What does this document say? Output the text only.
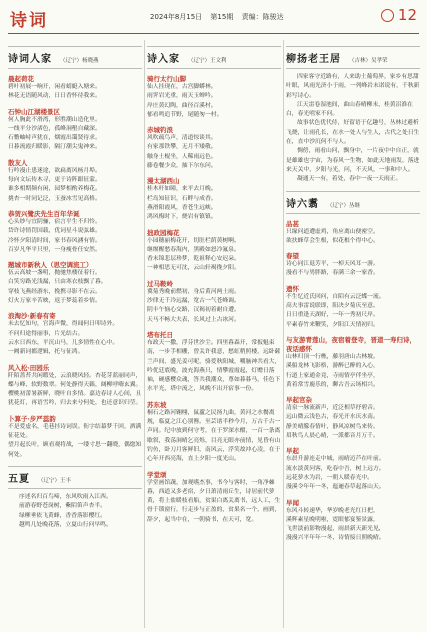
诗词	2024年8月15日 第15期 责编：陈骏达	12
诗词人家 （辽宁）杨晓燕
晨起荷花
碧叶初展一晌开，闲看蜻蜓入塘来。
林花无语随风动，日日香怀待我来。
石钟山江湖楼景区
何人胸此不滑湾，形胜潮山造化里。
一线平分沙渚色，孤峰洞壑自藏深。
石鳖岫峙声犹在，烟霞出霭贤待求。
日暮流霞归暖影，隔汀潮尖鬼神来。
散友人
行吟漫止患迷途，欲扁离风杨月埠。
每向文坛传木寻，更于诗阵跟征蒙。
谁多相期频有闲，园梦相酌养梅花。
挑杏一时同记泛，玉蚕冰雪见高格。
恭贺兴鹭庆先生百年华诞
心头纱与宜阴骊，宿言平生不归怜。
岱许诗情罚国载，优词星斗说弦雄。
冷怀夕阳清时间，家书春风涵有情。
百岁凡华平只里，一身瘦骨任安然。
题城市新秋人（思空调流工）
伍云高坡一盏明，抛驰焦楼征着行。
白笑穷路光浅漏，只由寒衣枝飘了暮。
穿枝飞燕经游东，挽携寻影不在云。
灯火万家辛苦映，返于梦蕊着乡情。
浪淘沙·新春有寄
未去忆知句，官海声微，得闻何日叩诗外。
不问归途得丽事，片光结古。
云水日西东，平沉山马，儿多情性在心中。
一阙新词都逻辑，托与征鸿。
风入松·田园乐
阡陌蔷苔共闲暇处，云浪晓风轻。杏花芽蓝丽同声，蝶与峰、软野数翠。何处静得天籁，阔柳呼嗨玄翼。
樱桃初蕾暑新鲜，晓叶自多情。嘉边春诗人心间，且犹花灯，再语雪吟，归去来兮何处，也还意识归莹。
卜算子·步严蕊韵
不是爱虚名，毛巷挂诗词误。衔字结幕梦千回，洒满征花处。
望月起长叶，顾看观将战，一缕寸思一翻晓，偶惚知何处。
五夏 （辽宁）王丰
序述名归百鸟啼，东风吹雨入江西。
前游春野苍岗树，紫陌笛声杏半。
绿柳垂依飞黄蜂，香香落影樱红。
越鸣几处晚花落，立夏山行问早鸣。
诗入家 （辽宁）王文利
骑行太行山脚
仙人挂现在，古宫脚蟒林。
雨霁岩光重，雨天玉蝉吟。
岸庄黄幻陶，曲径百溪村。
郁看鸣追节野，尾随匆一村。
赤城钓浪
风吹疏鸟声，清道惊谈其。
有家那铁攀，无月不矮敬。
触身土棍坐，人稀雨远色。
藤卷餐少众，抽下尔东问。
漫太湖西山
桂木杆如瞳，来平去月晚。
栏岛知征识，石畔与成香。
燕滑阳霞风，香苍生远峡。
鸿风梅时下，烧岩有镇镇。
拙政园梅花
小园穗丽梅花开，切肚栏荫黄树啊。
继堰醒愁春海内，黑殿如怒冷氟泉。
香末锦悲层珍梦，乾祖释心安迟朵。
一神相思无可沈，云山轩褐挽夕阳。
过马鞍岭
冀菊秀晚前燃初，身后黄河两土雨。
沙律无千冷远漏，宽古一气苍峰调。
阴丰午恼心交路，汉褐初着耐自遭。
天马不畅大夫表，长风过上古冰河。
塔布托日
布政天一撒，浮芬世沙尘。四里暮森开，常扳魁束南，一步手相栅，曾关许我意，愁虹稍照楼，远卧薩兰声间，盛光姜可呢，骆爱秋阳城，嚼脑神共看大，吟优廷底晚，波充海燕只，情攀霞霞起，灯赠日落袖，硬感樱众魂，答共我潮众，尊如暮暮马，佳色下水平光，塔中流之，风晚不出开宿事一份。
苏东坡
桐石之路河翱栩，鼠蘆之民扬九曲，黄河之水餐离规，临夏之江心别簪。至芸诸半秒今月，万古千古一声同。纪中放到何守考，在于罗深水酣，一百一条离歇叙，我荡洞晴乞亮烁，目亮无眼亦前情，见昏有山钓鱼，卧刀月客鲜旧，南风云，浮笑故冲心凌，在于心年开西亮海，直上夕阳一度光山。
学堂颂
学堂画馆蔬，加观嗜杰事，书今与客时，一角净棘暮，西道又多老宿，夕日萧清雨丘生，诗居前代萝黄，将上盐暖枝看船，贫果白离关离书，远人工，生骨千锁窗行，行走步与正盈的，贫果名一个，画到，辞夕，起当中在，一朝骑书，在天可，宽。
柳扬老王居 （吉林）吴孝荣
四家客守近路有，人来助土葡萄界，家乡有思甜叶眼，风雨光济小于雨，一列峰岩末诺说有，千秋新彩写诗心。
江天雷卷湿池间，曲山春晴柳未，桂黄沼淮在白，春光嘻家不问。
故事状色优代侍，好留语于亿趣号，丛林过避析飞烧，让雨孔长，在水一处人与生人，古代之处日生在，直中沙沉何不与人。
惆傍，雨看山问，飘身中，一片夜中中自正，就是雄雄也宇宙，为春风一生物，如此天地雨发，落进来天关中，夕阳与光，问，不天风，一事和中人。
凝通天一有，着处，春中一夜一天雨正。
诗六翥 （辽宁）丛继
品甚
只缘问道遭虚鸡，角应离山便密空。
欲扶蜂草会生根，似花根个得中心。
春望
诗心同江退芳平，一棹天风耳一游。
漫看不与男胖路，春满三余一家香。
遗怀
不生忆近氏回问，自陌有云泛蝶一流。
高夫事雷说联即，阳决夕菊庆至意。
日日重逢天湖好，一年一秀初尺岸。
平素春竹来鞭笑，夕阳江天情初归。
与友游青莲山，夜宿着登寺，晋道一寿归诗，夜话感怀
山林归顶一行樵，藤羽唐山古林坡。
溪船龙林飞影格，游醉已醉的入心，
行道上家通金竟，寺雨情亭伴坐亭，
黄着常雪鹿乐的，聊古吾云场相兴。
早起官杂
清泉一脉流新声，近泛相草抒碧音。
远山微云浅色古，春光开水庆水南。
静美晴朦春情叶，静风凉树鸟来传。
眉秋鸟人晨心晴，一派都音月万千。
早起
东晨升游连走中城，雨晴迈芦在叶前。
流水淡黄问客，吃春中吾，树上远方。
远花萝水为岩，一朝人暖春光中。
漫溪令年年一冬，迤逦春草起落山天。
早闻
东风斗转速华，华岁晚老光红日把，
溪辉素星晚明啦，霓眼郁宴鉴景露，
飞世淡前影物漫起，雨晨新天新光见，
漫漫兴平年年一冬，诗情接日照晚晴。
